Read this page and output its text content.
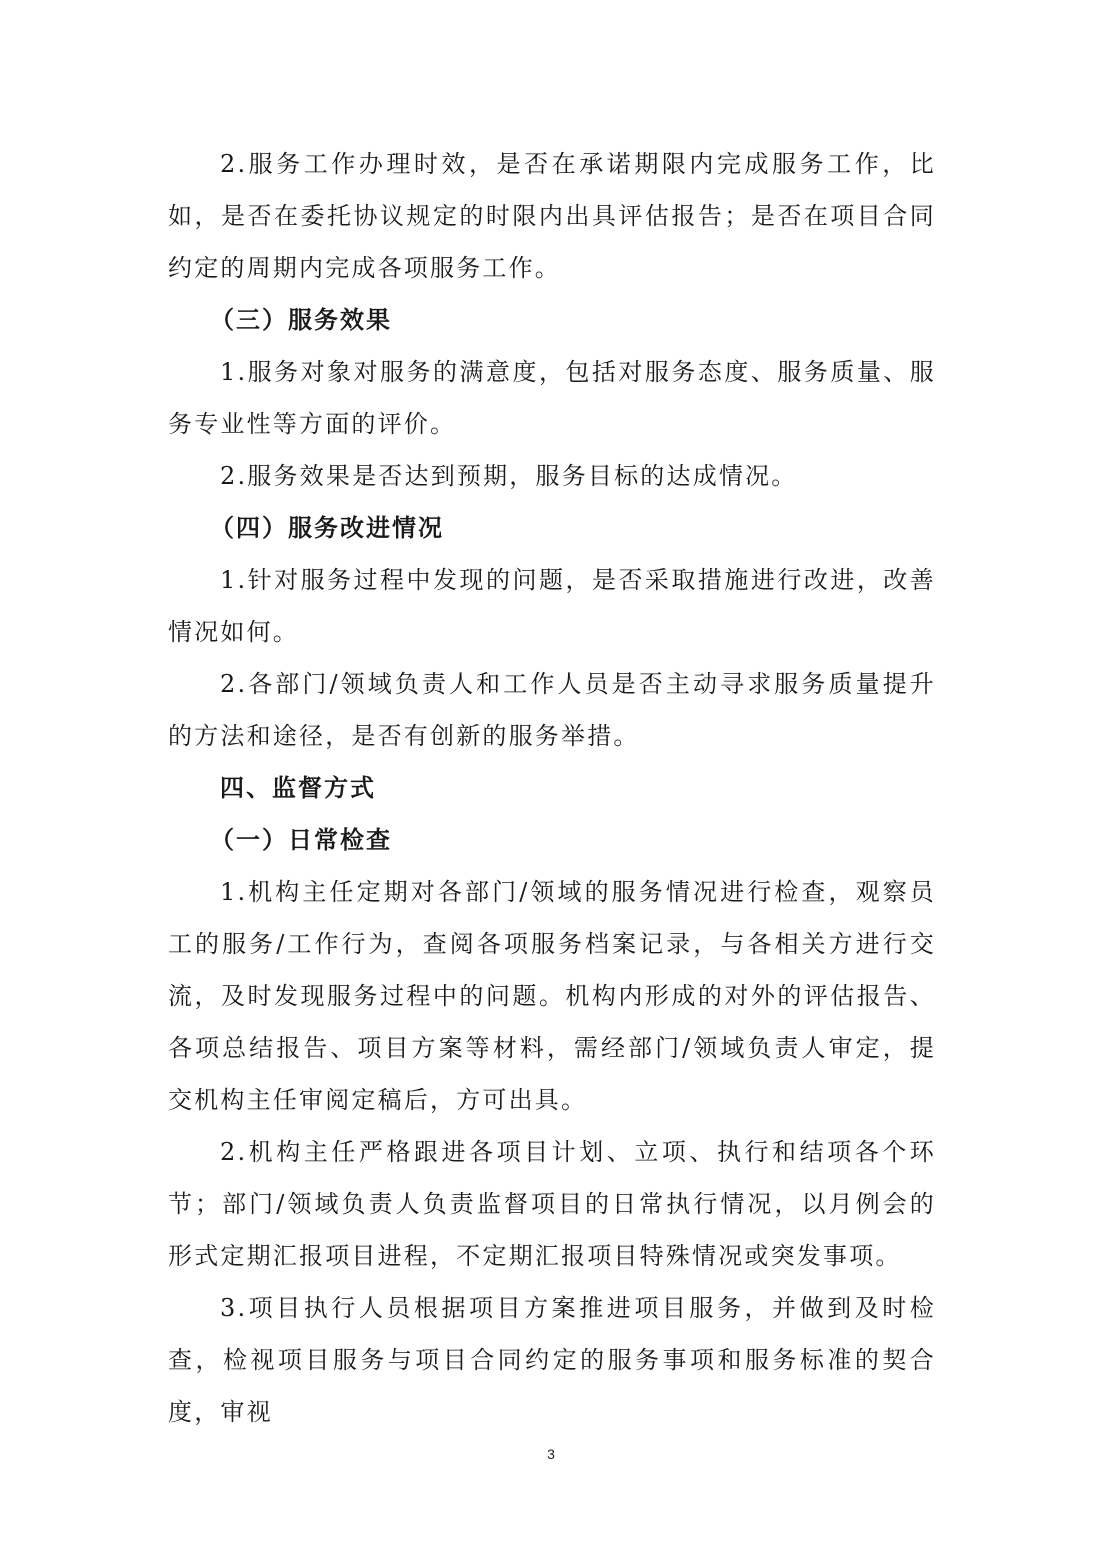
2.服务工作办理时效，是否在承诺期限内完成服务工作，比如，是否在委托协议规定的时限内出具评估报告；是否在项目合同约定的周期内完成各项服务工作。

（三）服务效果

1.服务对象对服务的满意度，包括对服务态度、服务质量、服务专业性等方面的评价。

2.服务效果是否达到预期，服务目标的达成情况。

（四）服务改进情况

1.针对服务过程中发现的问题，是否采取措施进行改进，改善情况如何。

2.各部门/领域负责人和工作人员是否主动寻求服务质量提升的方法和途径，是否有创新的服务举措。

四、监督方式

（一）日常检查

1.机构主任定期对各部门/领域的服务情况进行检查，观察员工的服务/工作行为，查阅各项服务档案记录，与各相关方进行交流，及时发现服务过程中的问题。机构内形成的对外的评估报告、各项总结报告、项目方案等材料，需经部门/领域负责人审定，提交机构主任审阅定稿后，方可出具。

2.机构主任严格跟进各项目计划、立项、执行和结项各个环节；部门/领域负责人负责监督项目的日常执行情况，以月例会的形式定期汇报项目进程，不定期汇报项目特殊情况或突发事项。

3.项目执行人员根据项目方案推进项目服务，并做到及时检查，检视项目服务与项目合同约定的服务事项和服务标准的契合度，审视

3
